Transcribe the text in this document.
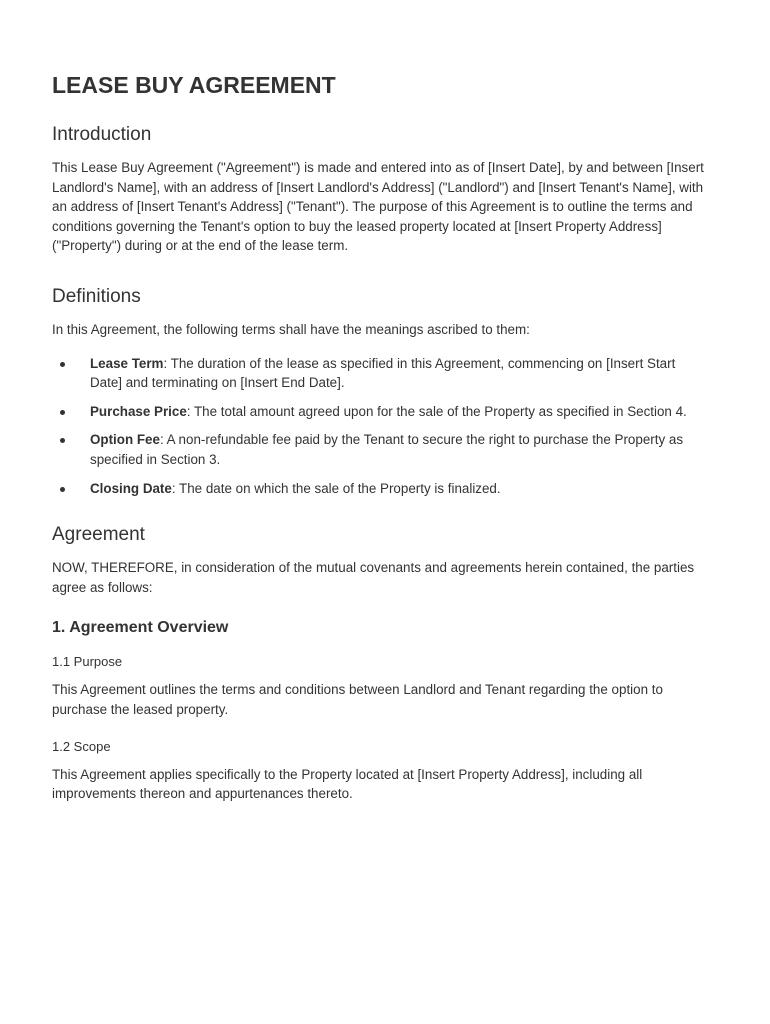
LEASE BUY AGREEMENT
Introduction

This Lease Buy Agreement ("Agreement") is made and entered into as of [Insert Date], by and between [Insert Landlord's Name], with an address of [Insert Landlord's Address] ("Landlord") and [Insert Tenant's Name], with an address of [Insert Tenant's Address] ("Tenant"). The purpose of this Agreement is to outline the terms and conditions governing the Tenant's option to buy the leased property located at [Insert Property Address] ("Property") during or at the end of the lease term.

Definitions

In this Agreement, the following terms shall have the meanings ascribed to them:

Lease Term: The duration of the lease as specified in this Agreement, commencing on [Insert Start Date] and terminating on [Insert End Date].
Purchase Price: The total amount agreed upon for the sale of the Property as specified in Section 4.
Option Fee: A non-refundable fee paid by the Tenant to secure the right to purchase the Property as specified in Section 3.
Closing Date: The date on which the sale of the Property is finalized.
Agreement

NOW, THEREFORE, in consideration of the mutual covenants and agreements herein contained, the parties agree as follows:

1. Agreement Overview
1.1 Purpose

This Agreement outlines the terms and conditions between Landlord and Tenant regarding the option to purchase the leased property.

1.2 Scope

This Agreement applies specifically to the Property located at [Insert Property Address], including all improvements thereon and appurtenances thereto.
